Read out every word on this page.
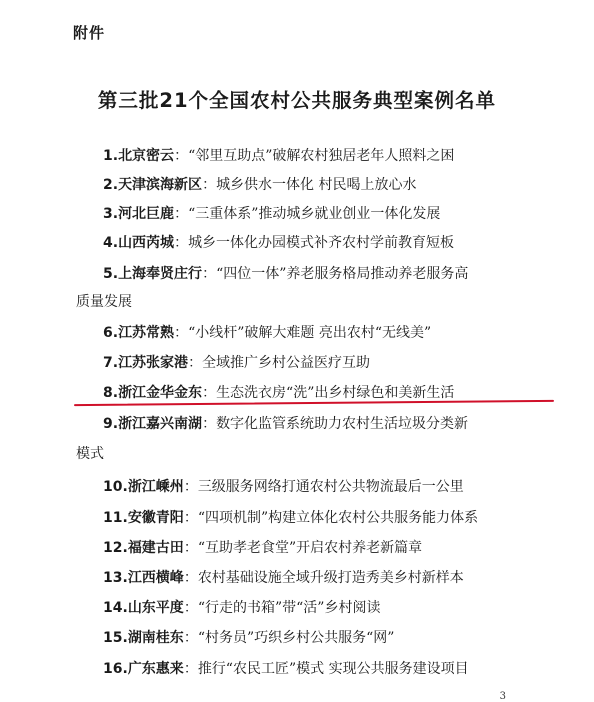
附件
第三批21个全国农村公共服务典型案例名单
1.北京密云：“邻里互助点”破解农村独居老年人照料之困
2.天津滨海新区：城乡供水一体化 村民喝上放心水
3.河北巨鹿：“三重体系”推动城乡就业创业一体化发展
4.山西芮城：城乡一体化办园模式补齐农村学前教育短板
5.上海奉贤庄行：“四位一体”养老服务格局推动养老服务高
质量发展
6.江苏常熟：“小线杆”破解大难题 亮出农村“无线美”
7.江苏张家港：全域推广乡村公益医疗互助
8.浙江金华金东：生态洗衣房“洗”出乡村绿色和美新生活
9.浙江嘉兴南湖：数字化监管系统助力农村生活垃圾分类新
模式
10.浙江嵊州：三级服务网络打通农村公共物流最后一公里
11.安徽青阳：“四项机制”构建立体化农村公共服务能力体系
12.福建古田：“互助孝老食堂”开启农村养老新篇章
13.江西横峰：农村基础设施全域升级打造秀美乡村新样本
14.山东平度：“行走的书箱”带“活”乡村阅读
15.湖南桂东：“村务员”巧织乡村公共服务“网”
16.广东惠来：推行“农民工匠”模式 实现公共服务建设项目
3
